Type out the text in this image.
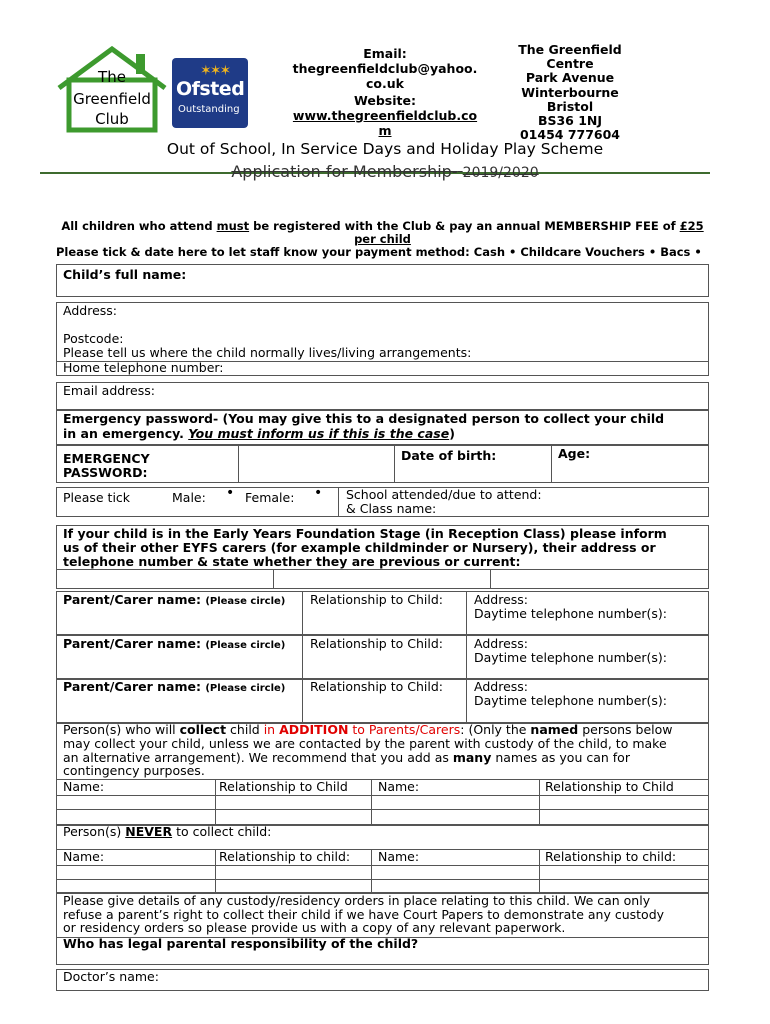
The
Greenfield
Club
✶✶✶
Ofsted
Outstanding
Email:
thegreenfieldclub@yahoo.
co.uk
Website:
www.thegreenfieldclub.co
m
The Greenfield Centre
Park Avenue
Winterbourne
Bristol
BS36 1NJ
01454 777604
Out of School, In Service Days and Holiday Play Scheme
Application for Membership- 2019/2020
All children who attend must be registered with the Club & pay an annual MEMBERSHIP FEE of £25
per child
Please tick & date here to let staff know your payment method: Cash • Childcare Vouchers • Bacs •
Child’s full name:
Address:
Postcode:
Please tell us where the child normally lives/living arrangements:
Home telephone number:
Email address:
Emergency password- (You may give this to a designated person to collect your child
in an emergency. You must inform us if this is the case)
EMERGENCY
PASSWORD:
Date of birth:	Age:
Please tick	Male: • Female: • School attended/due to attend:
& Class name:
If your child is in the Early Years Foundation Stage (in Reception Class) please inform
us of their other EYFS carers (for example childminder or Nursery), their address or
telephone number & state whether they are previous or current:
Parent/Carer name: (Please circle) Relationship to Child: Address:
Daytime telephone number(s):
Parent/Carer name: (Please circle) Relationship to Child: Address:
Daytime telephone number(s):
Parent/Carer name: (Please circle) Relationship to Child: Address:
Daytime telephone number(s):
Person(s) who will collect child in ADDITION to Parents/Carers: (Only the named persons below
may collect your child, unless we are contacted by the parent with custody of the child, to make
an alternative arrangement). We recommend that you add as many names as you can for
contingency purposes.
Name:	Relationship to Child Name:	Relationship to Child
Person(s) NEVER to collect child:
Name:	Relationship to child: Name:	Relationship to child:
Please give details of any custody/residency orders in place relating to this child. We can only
refuse a parent’s right to collect their child if we have Court Papers to demonstrate any custody
or residency orders so please provide us with a copy of any relevant paperwork.
Who has legal parental responsibility of the child?
Doctor’s name:
